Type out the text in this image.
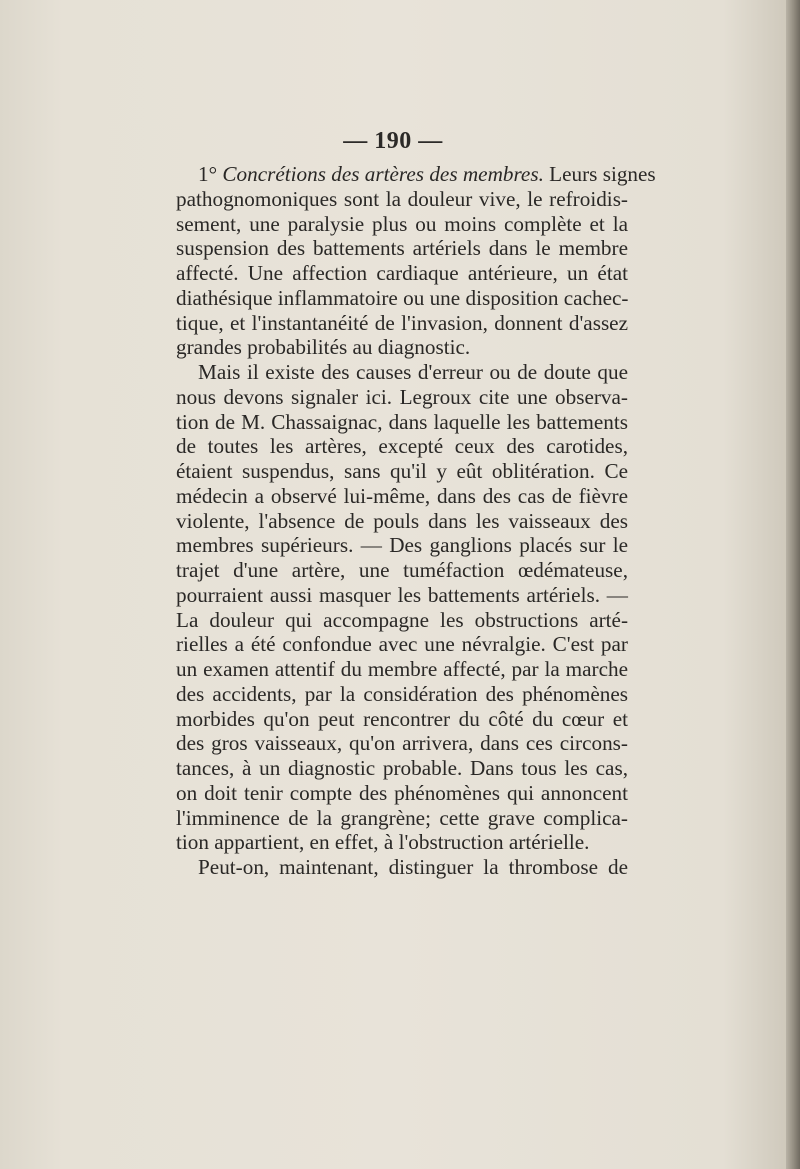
— 190 —
1° Concrétions des artères des membres. Leurs signes
pathognomoniques sont la douleur vive, le refroidis-
sement, une paralysie plus ou moins complète et la
suspension des battements artériels dans le membre
affecté. Une affection cardiaque antérieure, un état
diathésique inflammatoire ou une disposition cachec-
tique, et l'instantanéité de l'invasion, donnent d'assez
grandes probabilités au diagnostic.
Mais il existe des causes d'erreur ou de doute que
nous devons signaler ici. Legroux cite une observa-
tion de M. Chassaignac, dans laquelle les battements
de toutes les artères, excepté ceux des carotides,
étaient suspendus, sans qu'il y eût oblitération. Ce
médecin a observé lui-même, dans des cas de fièvre
violente, l'absence de pouls dans les vaisseaux des
membres supérieurs. — Des ganglions placés sur le
trajet d'une artère, une tuméfaction œdémateuse,
pourraient aussi masquer les battements artériels. —
La douleur qui accompagne les obstructions arté-
rielles a été confondue avec une névralgie. C'est par
un examen attentif du membre affecté, par la marche
des accidents, par la considération des phénomènes
morbides qu'on peut rencontrer du côté du cœur et
des gros vaisseaux, qu'on arrivera, dans ces circons-
tances, à un diagnostic probable. Dans tous les cas,
on doit tenir compte des phénomènes qui annoncent
l'imminence de la grangrène; cette grave complica-
tion appartient, en effet, à l'obstruction artérielle.
Peut-on, maintenant, distinguer la thrombose de
